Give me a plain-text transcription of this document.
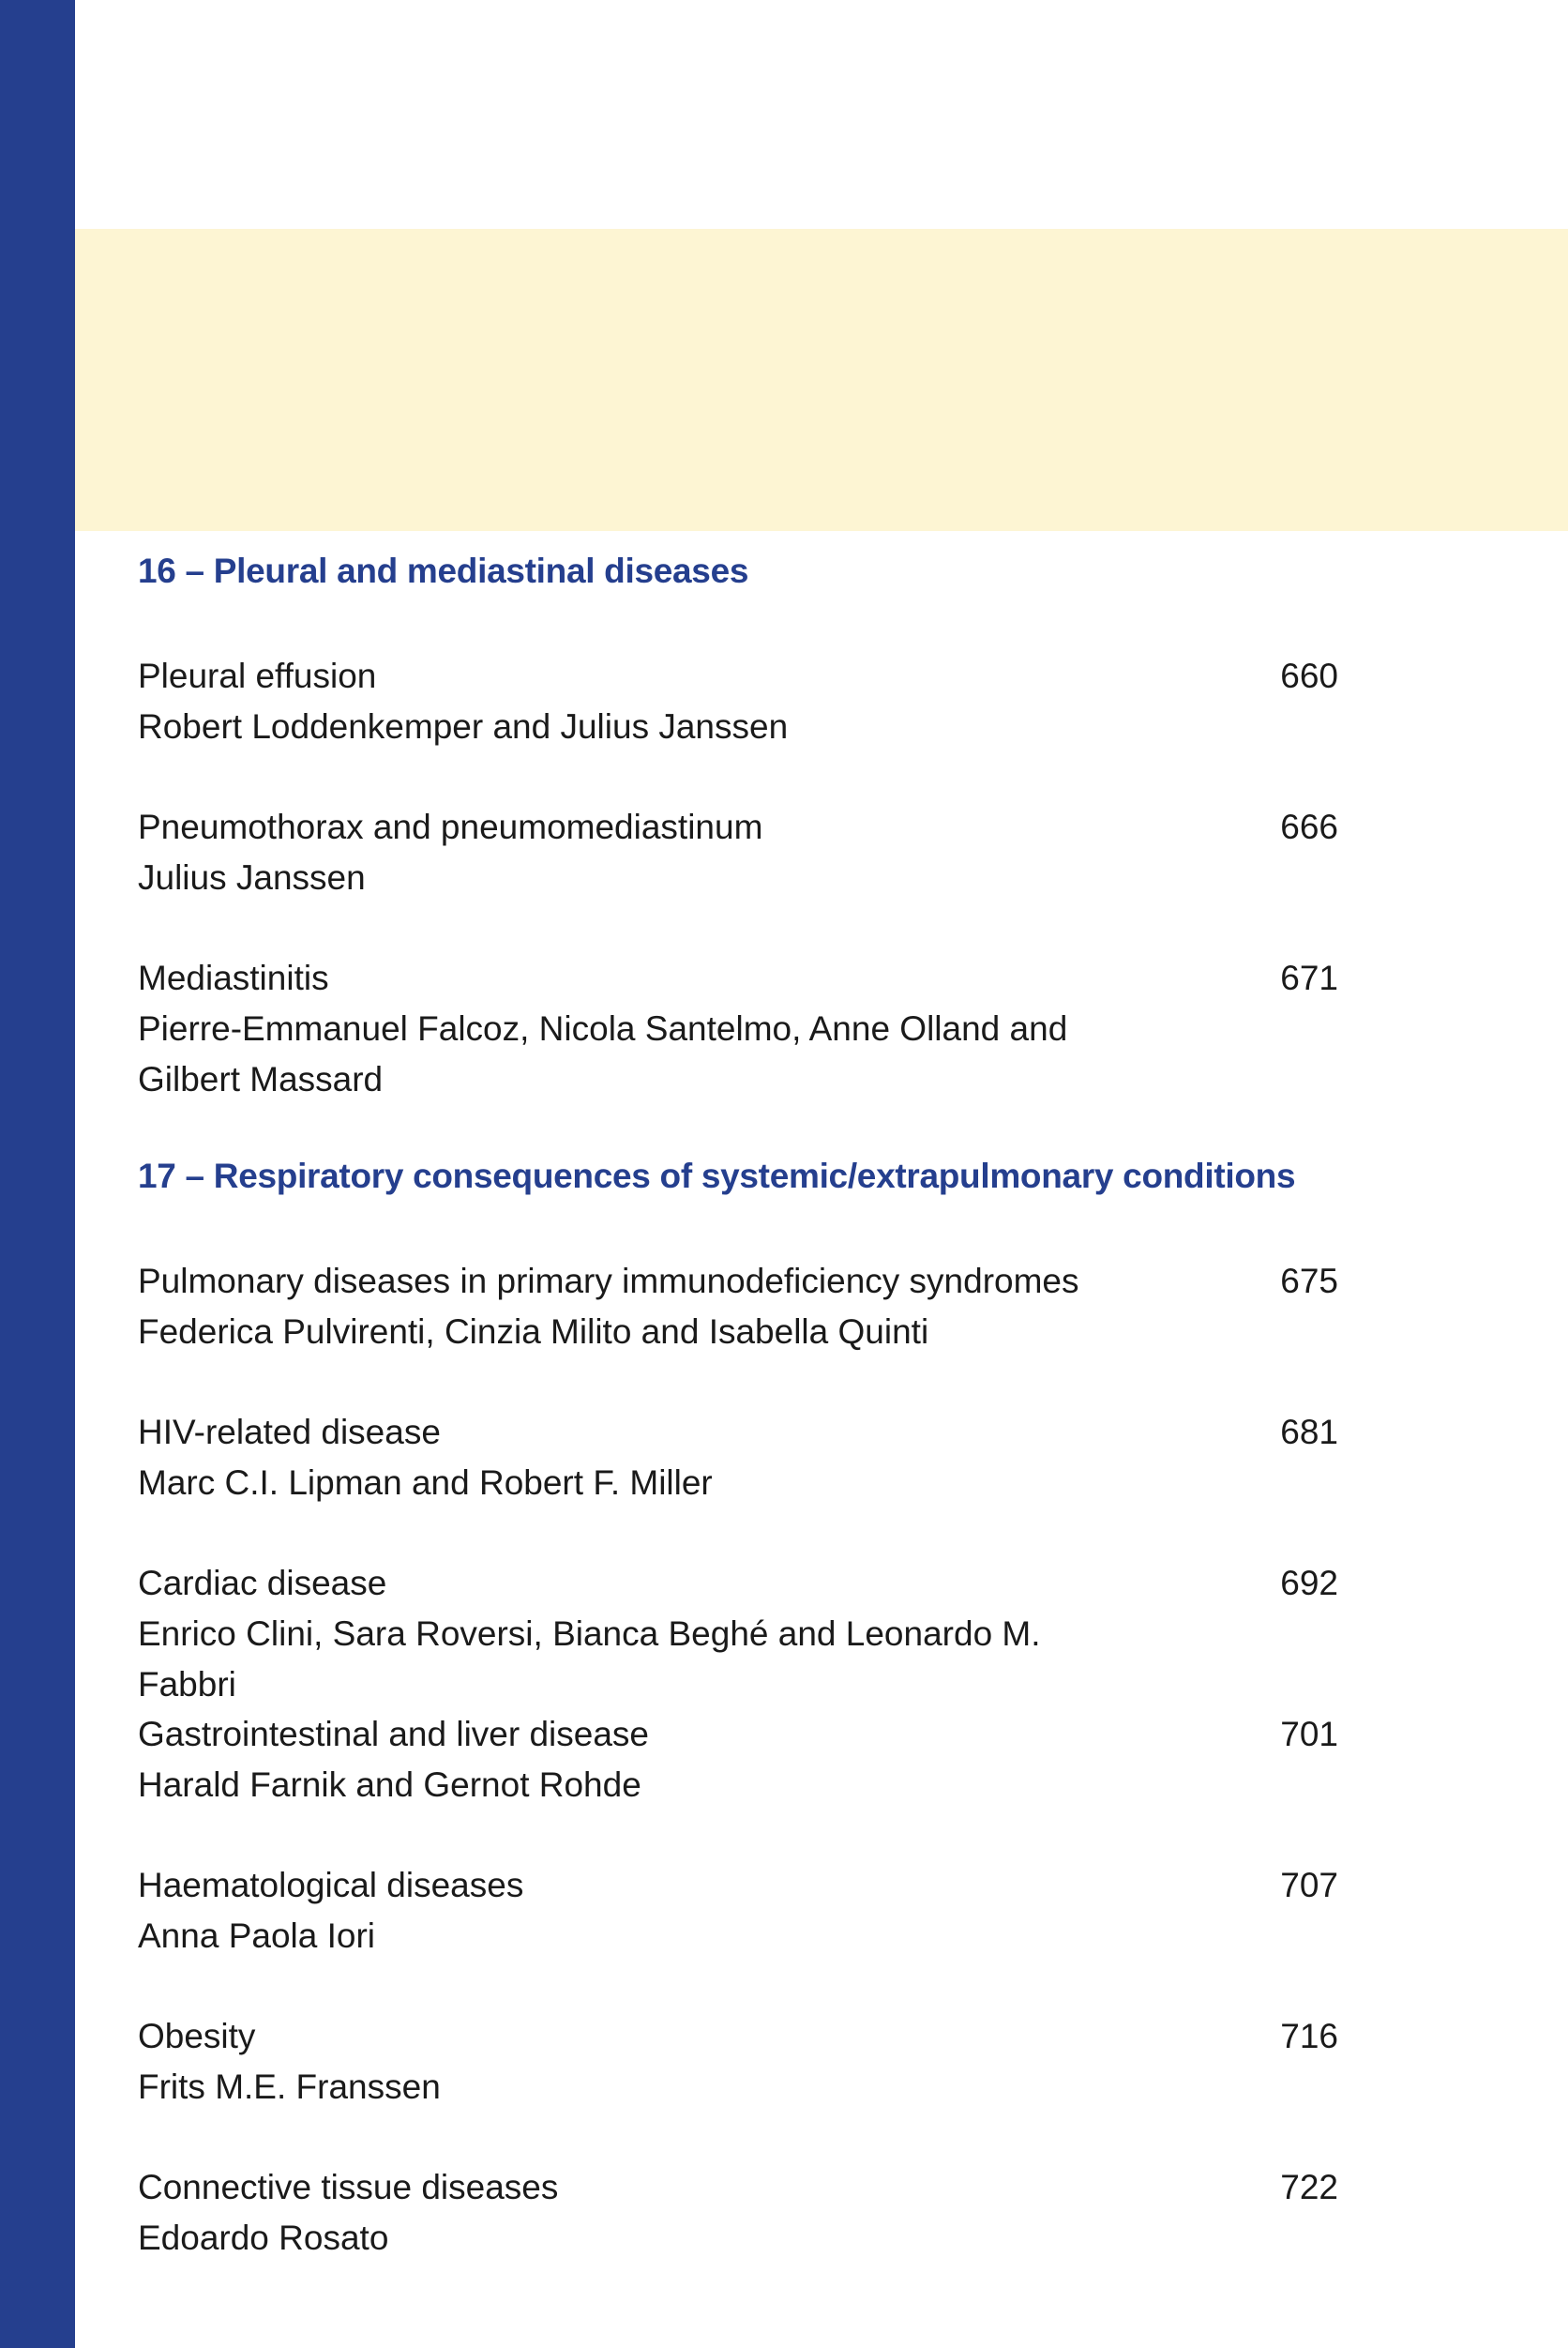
16 – Pleural and mediastinal diseases
Pleural effusion
Robert Loddenkemper and Julius Janssen
660
Pneumothorax and pneumomediastinum
Julius Janssen
666
Mediastinitis
Pierre-Emmanuel Falcoz, Nicola Santelmo, Anne Olland and Gilbert Massard
671
17 – Respiratory consequences of systemic/extrapulmonary conditions
Pulmonary diseases in primary immunodeficiency syndromes
Federica Pulvirenti, Cinzia Milito and Isabella Quinti
675
HIV-related disease
Marc C.I. Lipman and Robert F. Miller
681
Cardiac disease
Enrico Clini, Sara Roversi, Bianca Beghé and Leonardo M. Fabbri
692
Gastrointestinal and liver disease
Harald Farnik and Gernot Rohde
701
Haematological diseases
Anna Paola Iori
707
Obesity
Frits M.E. Franssen
716
Connective tissue diseases
Edoardo Rosato
722
